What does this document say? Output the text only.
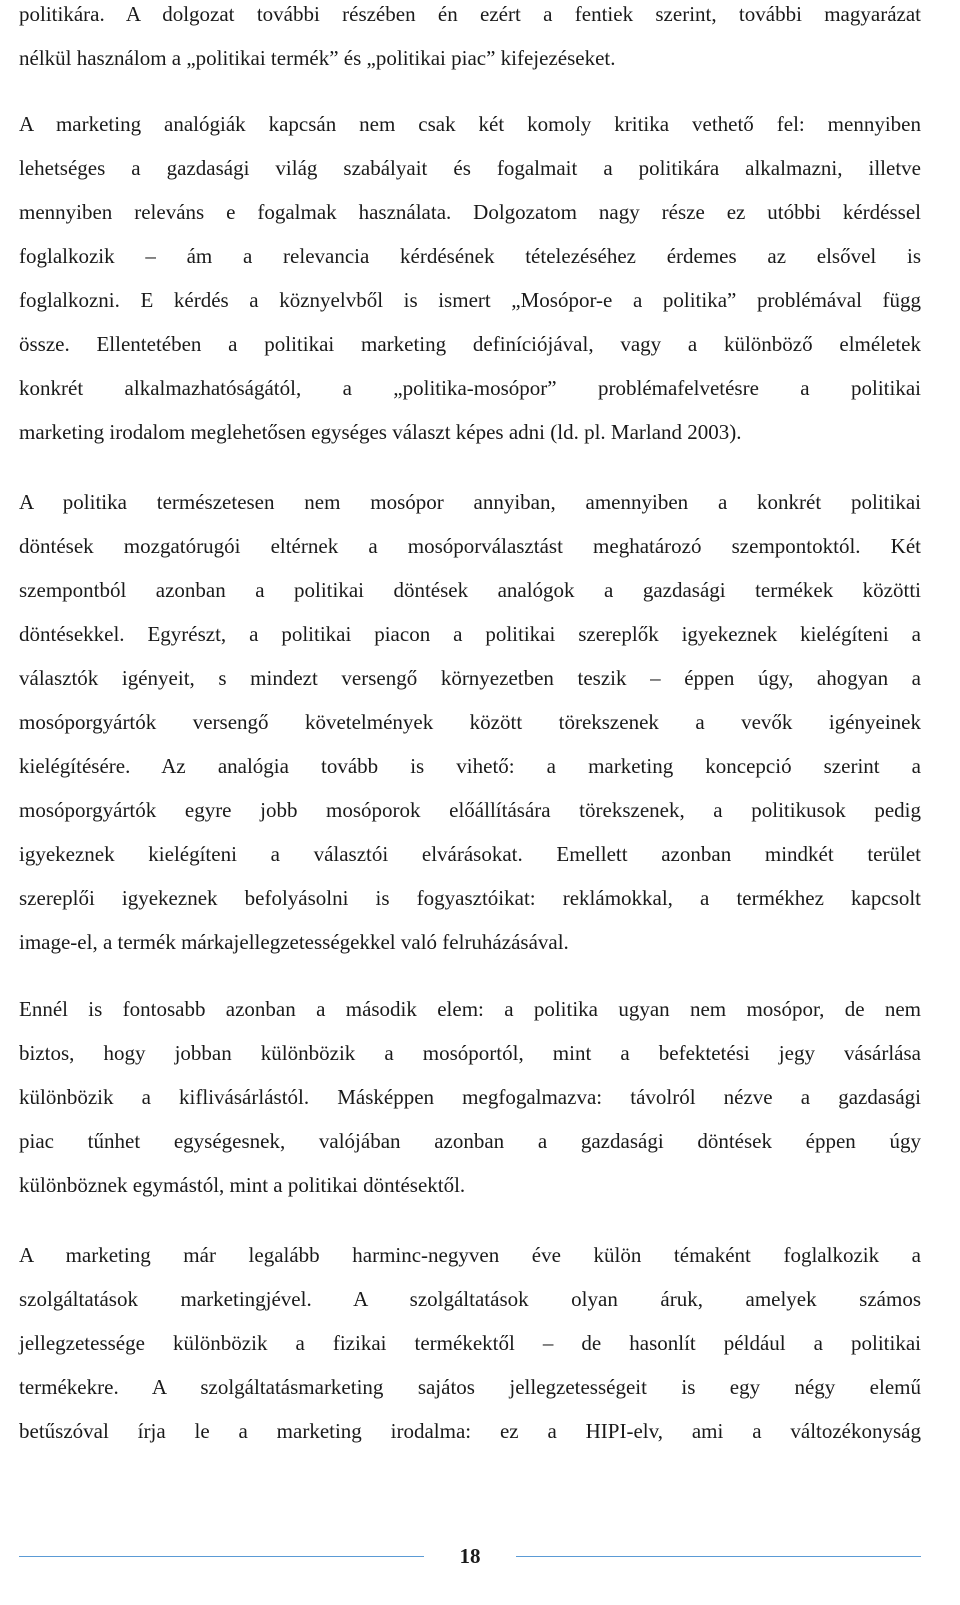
politikára. A dolgozat további részében én ezért a fentiek szerint, további magyarázat
nélkül használom a „politikai termék” és „politikai piac” kifejezéseket.

A marketing analógiák kapcsán nem csak két komoly kritika vethető fel: mennyiben
lehetséges a gazdasági világ szabályait és fogalmait a politikára alkalmazni, illetve
mennyiben releváns e fogalmak használata. Dolgozatom nagy része ez utóbbi kérdéssel
foglalkozik – ám a relevancia kérdésének tételezéséhez érdemes az elsővel is
foglalkozni. E kérdés a köznyelvből is ismert „Mosópor-e a politika” problémával függ
össze. Ellentetében a politikai marketing definíciójával, vagy a különböző elméletek
konkrét alkalmazhatóságától, a „politika-mosópor” problémafelvetésre a politikai
marketing irodalom meglehetősen egységes választ képes adni (ld. pl. Marland 2003).

A politika természetesen nem mosópor annyiban, amennyiben a konkrét politikai
döntések mozgatórugói eltérnek a mosóporválasztást meghatározó szempontoktól. Két
szempontból azonban a politikai döntések analógok a gazdasági termékek közötti
döntésekkel. Egyrészt, a politikai piacon a politikai szereplők igyekeznek kielégíteni a
választók igényeit, s mindezt versengő környezetben teszik – éppen úgy, ahogyan a
mosóporgyártók versengő követelmények között törekszenek a vevők igényeinek
kielégítésére. Az analógia tovább is vihető: a marketing koncepció szerint a
mosóporgyártók egyre jobb mosóporok előállítására törekszenek, a politikusok pedig
igyekeznek kielégíteni a választói elvárásokat. Emellett azonban mindkét terület
szereplői igyekeznek befolyásolni is fogyasztóikat: reklámokkal, a termékhez kapcsolt
image-el, a termék márkajellegzetességekkel való felruházásával.

Ennél is fontosabb azonban a második elem: a politika ugyan nem mosópor, de nem
biztos, hogy jobban különbözik a mosóportól, mint a befektetési jegy vásárlása
különbözik a kiflivásárlástól. Másképpen megfogalmazva: távolról nézve a gazdasági
piac tűnhet egységesnek, valójában azonban a gazdasági döntések éppen úgy
különböznek egymástól, mint a politikai döntésektől.

A marketing már legalább harminc-negyven éve külön témaként foglalkozik a
szolgáltatások marketingjével. A szolgáltatások olyan áruk, amelyek számos
jellegzetessége különbözik a fizikai termékektől – de hasonlít például a politikai
termékekre. A szolgáltatásmarketing sajátos jellegzetességeit is egy négy elemű
betűszóval írja le a marketing irodalma: ez a HIPI-elv, ami a változékonyság

18
